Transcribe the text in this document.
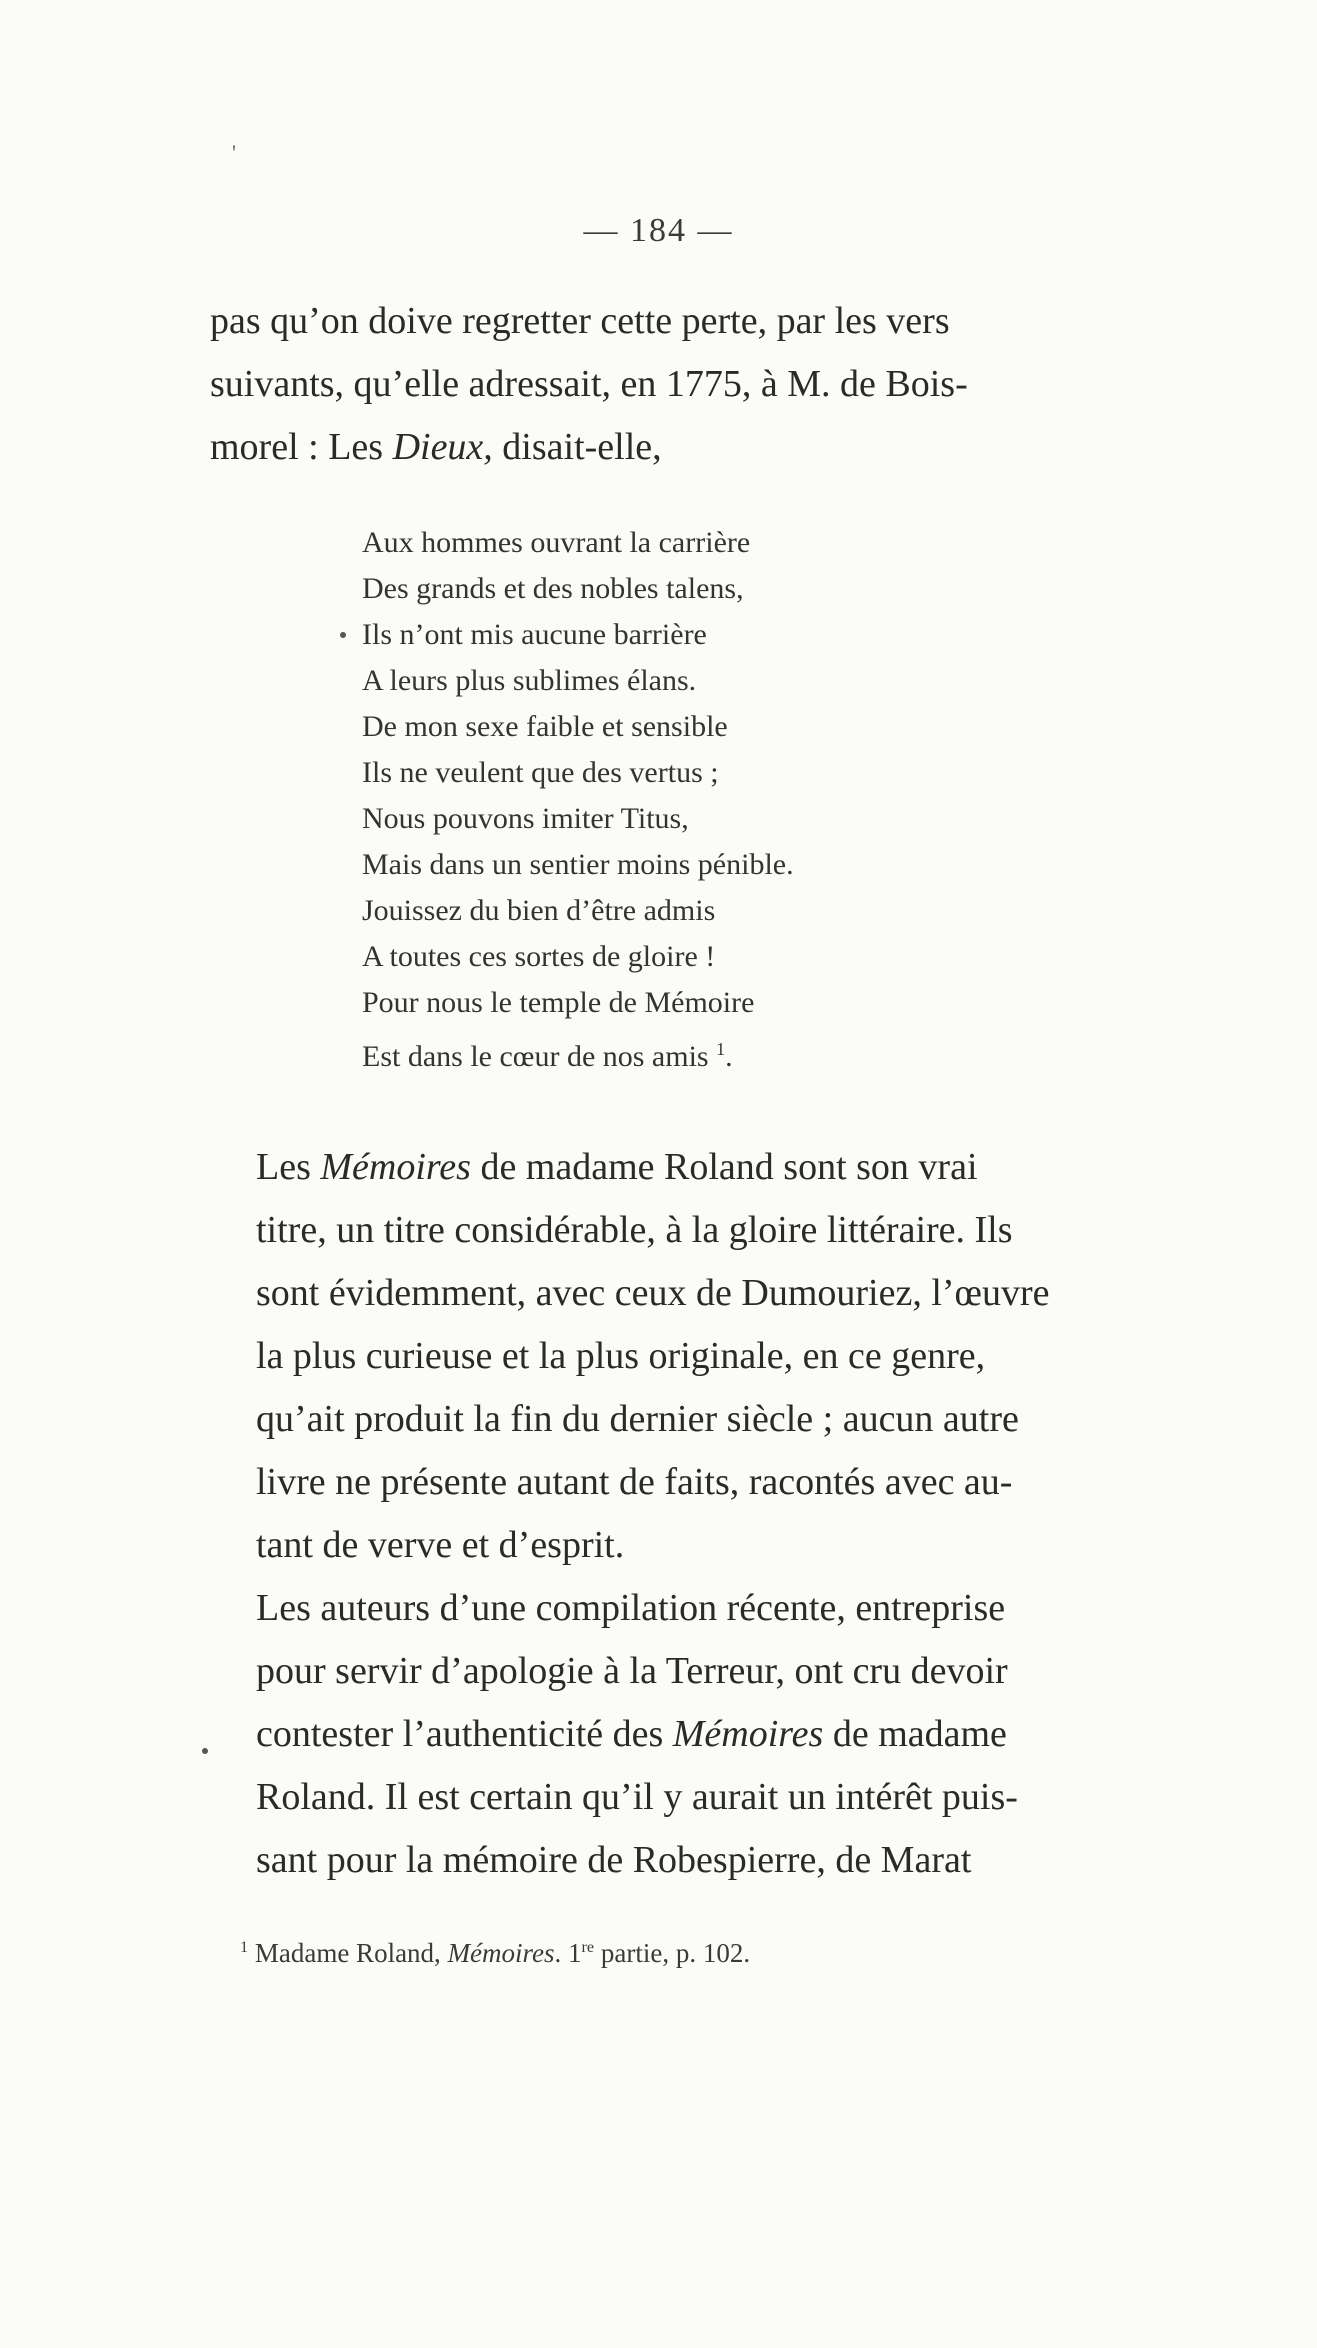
'
— 184 —

pas qu’on doive regretter cette perte, par les vers
suivants, qu’elle adressait, en 1775, à M. de Bois-
morel : Les Dieux, disait-elle,

Aux hommes ouvrant la carrière
Des grands et des nobles talens,
Ils n’ont mis aucune barrière
A leurs plus sublimes élans.
De mon sexe faible et sensible
Ils ne veulent que des vertus ;
Nous pouvons imiter Titus,
Mais dans un sentier moins pénible.
Jouissez du bien d’être admis
A toutes ces sortes de gloire !
Pour nous le temple de Mémoire
Est dans le cœur de nos amis $^1$.

Les Mémoires de madame Roland sont son vrai
titre, un titre considérable, à la gloire littéraire. Ils
sont évidemment, avec ceux de Dumouriez, l’œuvre
la plus curieuse et la plus originale, en ce genre,
qu’ait produit la fin du dernier siècle ; aucun autre
livre ne présente autant de faits, racontés avec au-
tant de verve et d’esprit.

Les auteurs d’une compilation récente, entreprise
pour servir d’apologie à la Terreur, ont cru devoir
contester l’authenticité des Mémoires de madame
Roland. Il est certain qu’il y aurait un intérêt puis-
sant pour la mémoire de Robespierre, de Marat

$^1$ Madame Roland, Mémoires. 1re partie, p. 102.
